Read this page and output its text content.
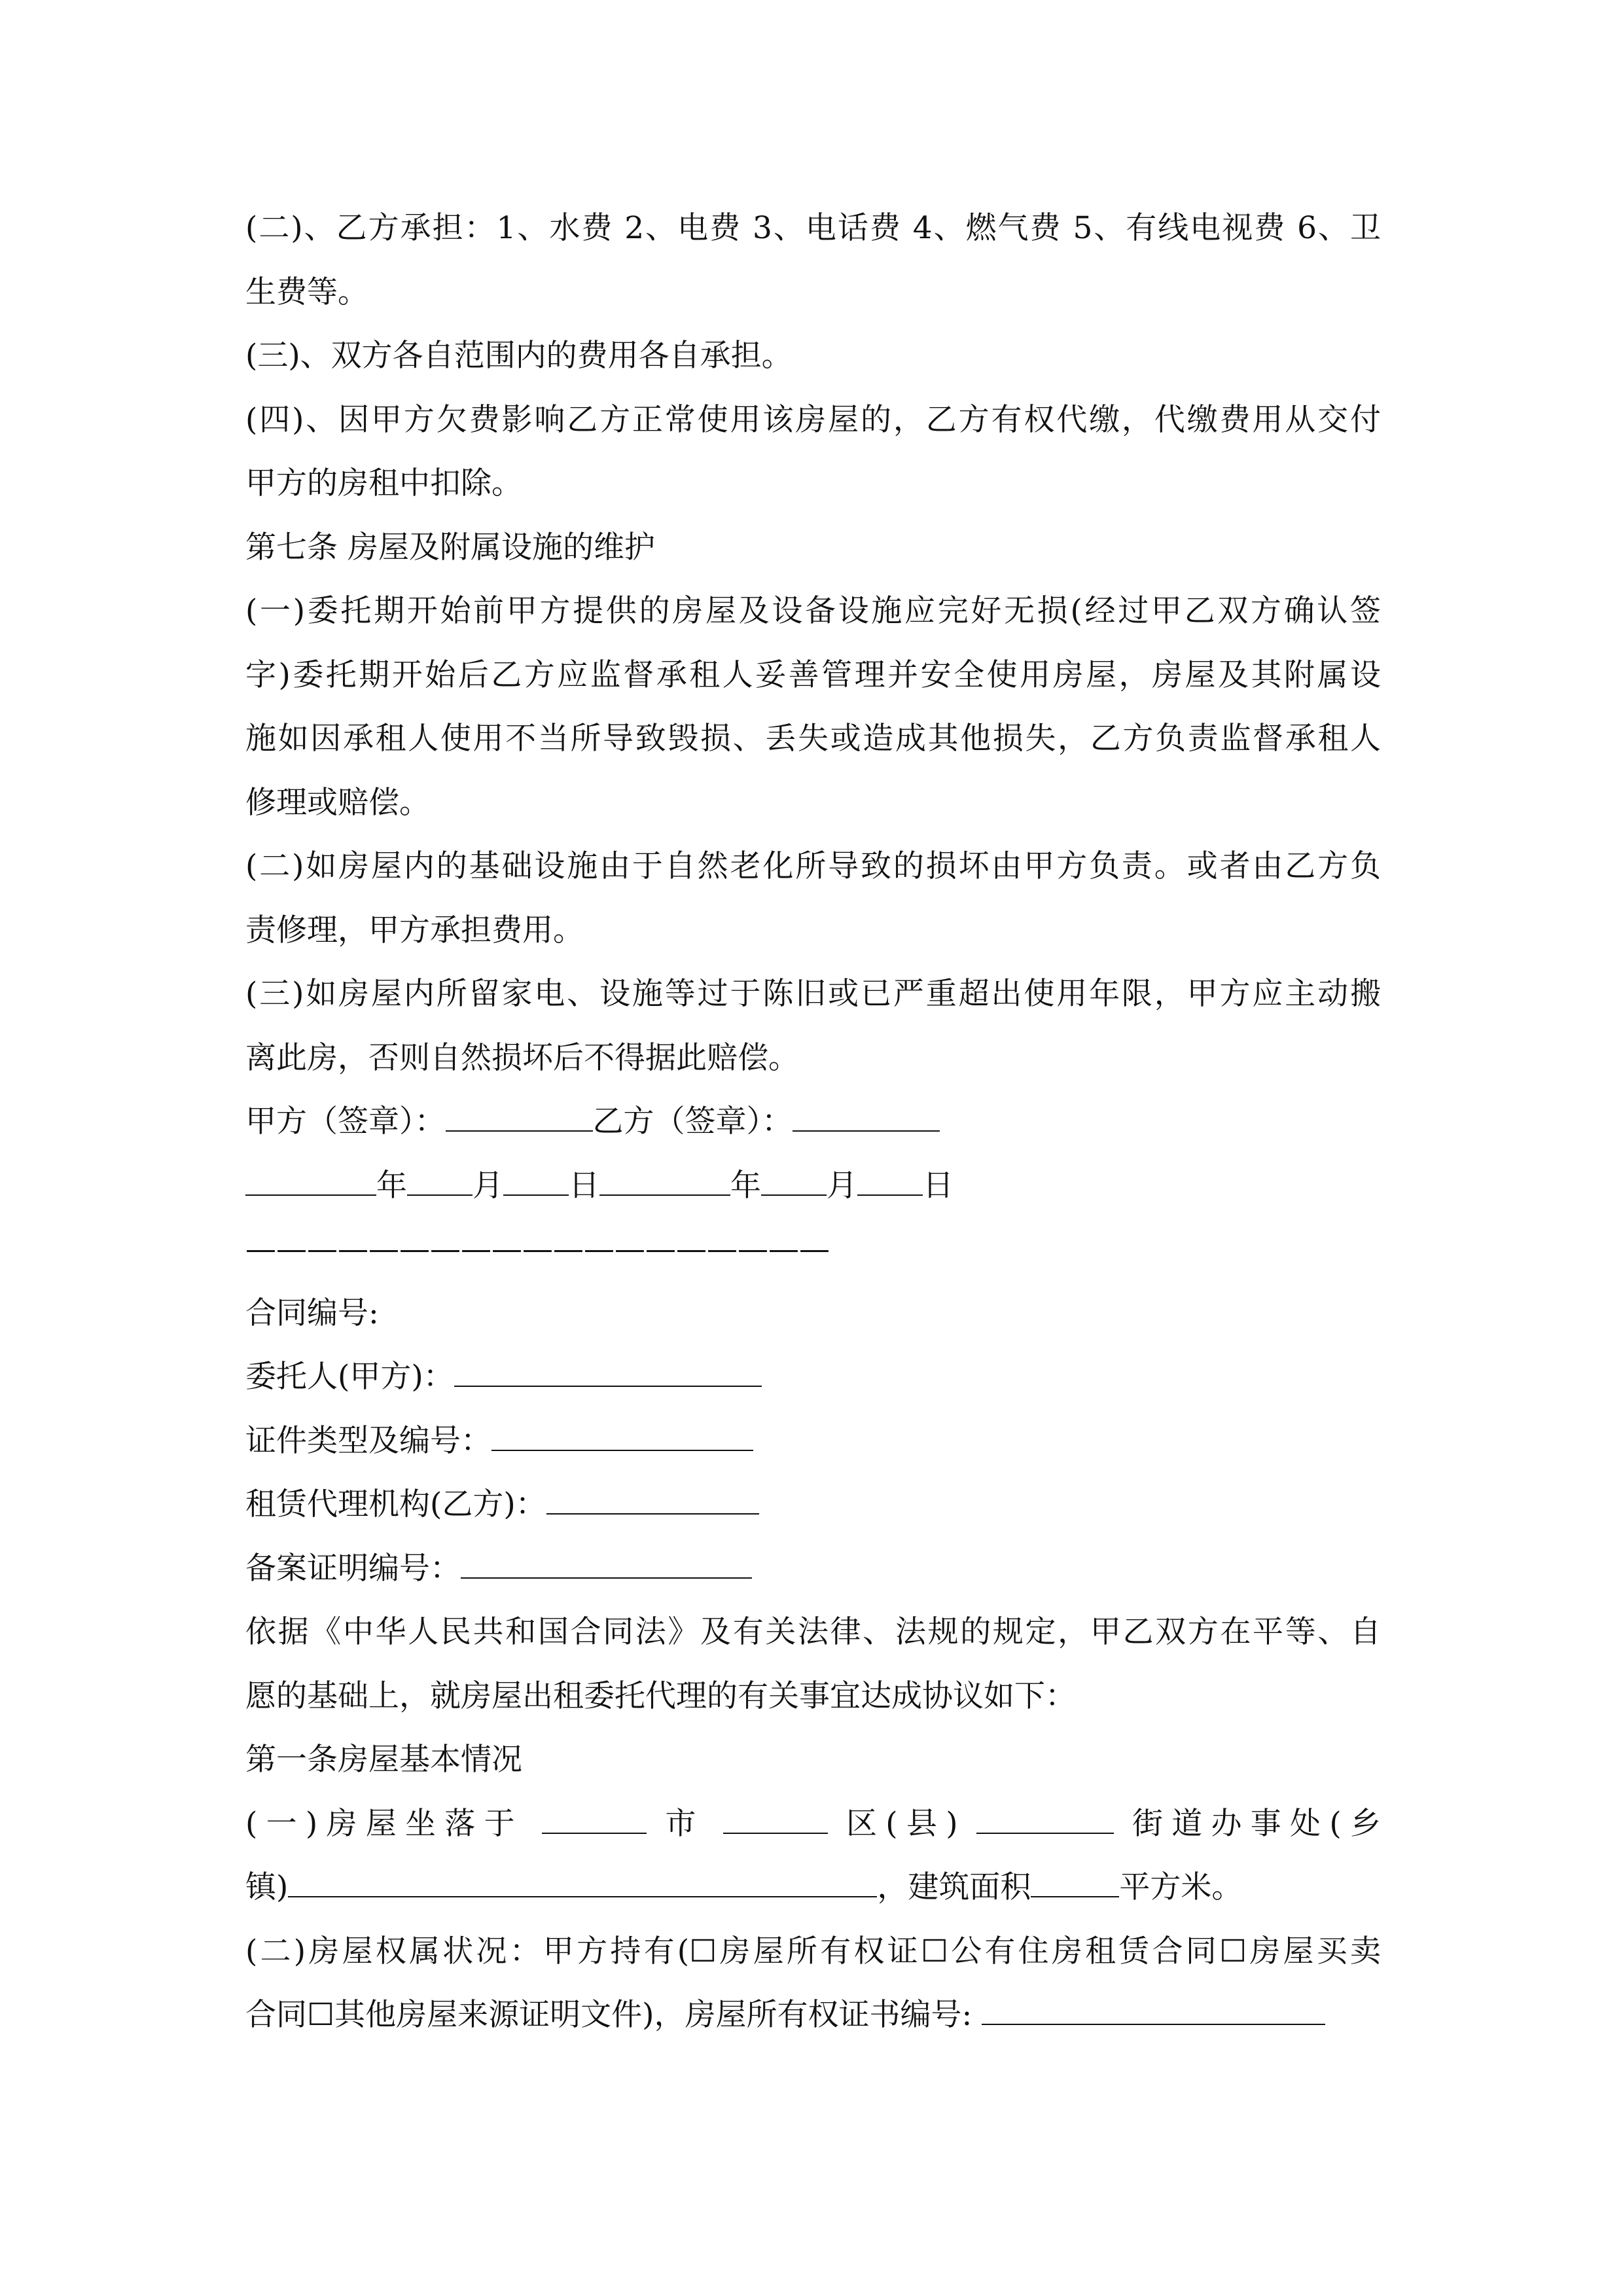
(二)、乙方承担：1、水费 2、电费 3、电话费 4、燃气费 5、有线电视费 6、卫

生费等。

(三)、双方各自范围内的费用各自承担。

(四)、因甲方欠费影响乙方正常使用该房屋的，乙方有权代缴，代缴费用从交付

甲方的房租中扣除。

第七条 房屋及附属设施的维护

(一)委托期开始前甲方提供的房屋及设备设施应完好无损(经过甲乙双方确认签

字)委托期开始后乙方应监督承租人妥善管理并安全使用房屋，房屋及其附属设

施如因承租人使用不当所导致毁损、丢失或造成其他损失，乙方负责监督承租人

修理或赔偿。

(二)如房屋内的基础设施由于自然老化所导致的损坏由甲方负责。或者由乙方负

责修理，甲方承担费用。

(三)如房屋内所留家电、设施等过于陈旧或已严重超出使用年限，甲方应主动搬

离此房，否则自然损坏后不得据此赔偿。

甲方（签章）：	乙方（签章）：

年 月 日	年 月 日

———————————————————

合同编号:

委托人(甲方)：

证件类型及编号：

租赁代理机构(乙方)：

备案证明编号：

依据《中华人民共和国合同法》及有关法律、法规的规定，甲乙双方在平等、自

愿的基础上，就房屋出租委托代理的有关事宜达成协议如下：

第一条房屋基本情况

(一)房屋坐落于	市	区(县)	街道办事处(乡

镇)	，建筑面积	平方米。

(二)房屋权属状况：甲方持有(☐房屋所有权证☐公有住房租赁合同☐房屋买卖

合同☐其他房屋来源证明文件)，房屋所有权证书编号:
